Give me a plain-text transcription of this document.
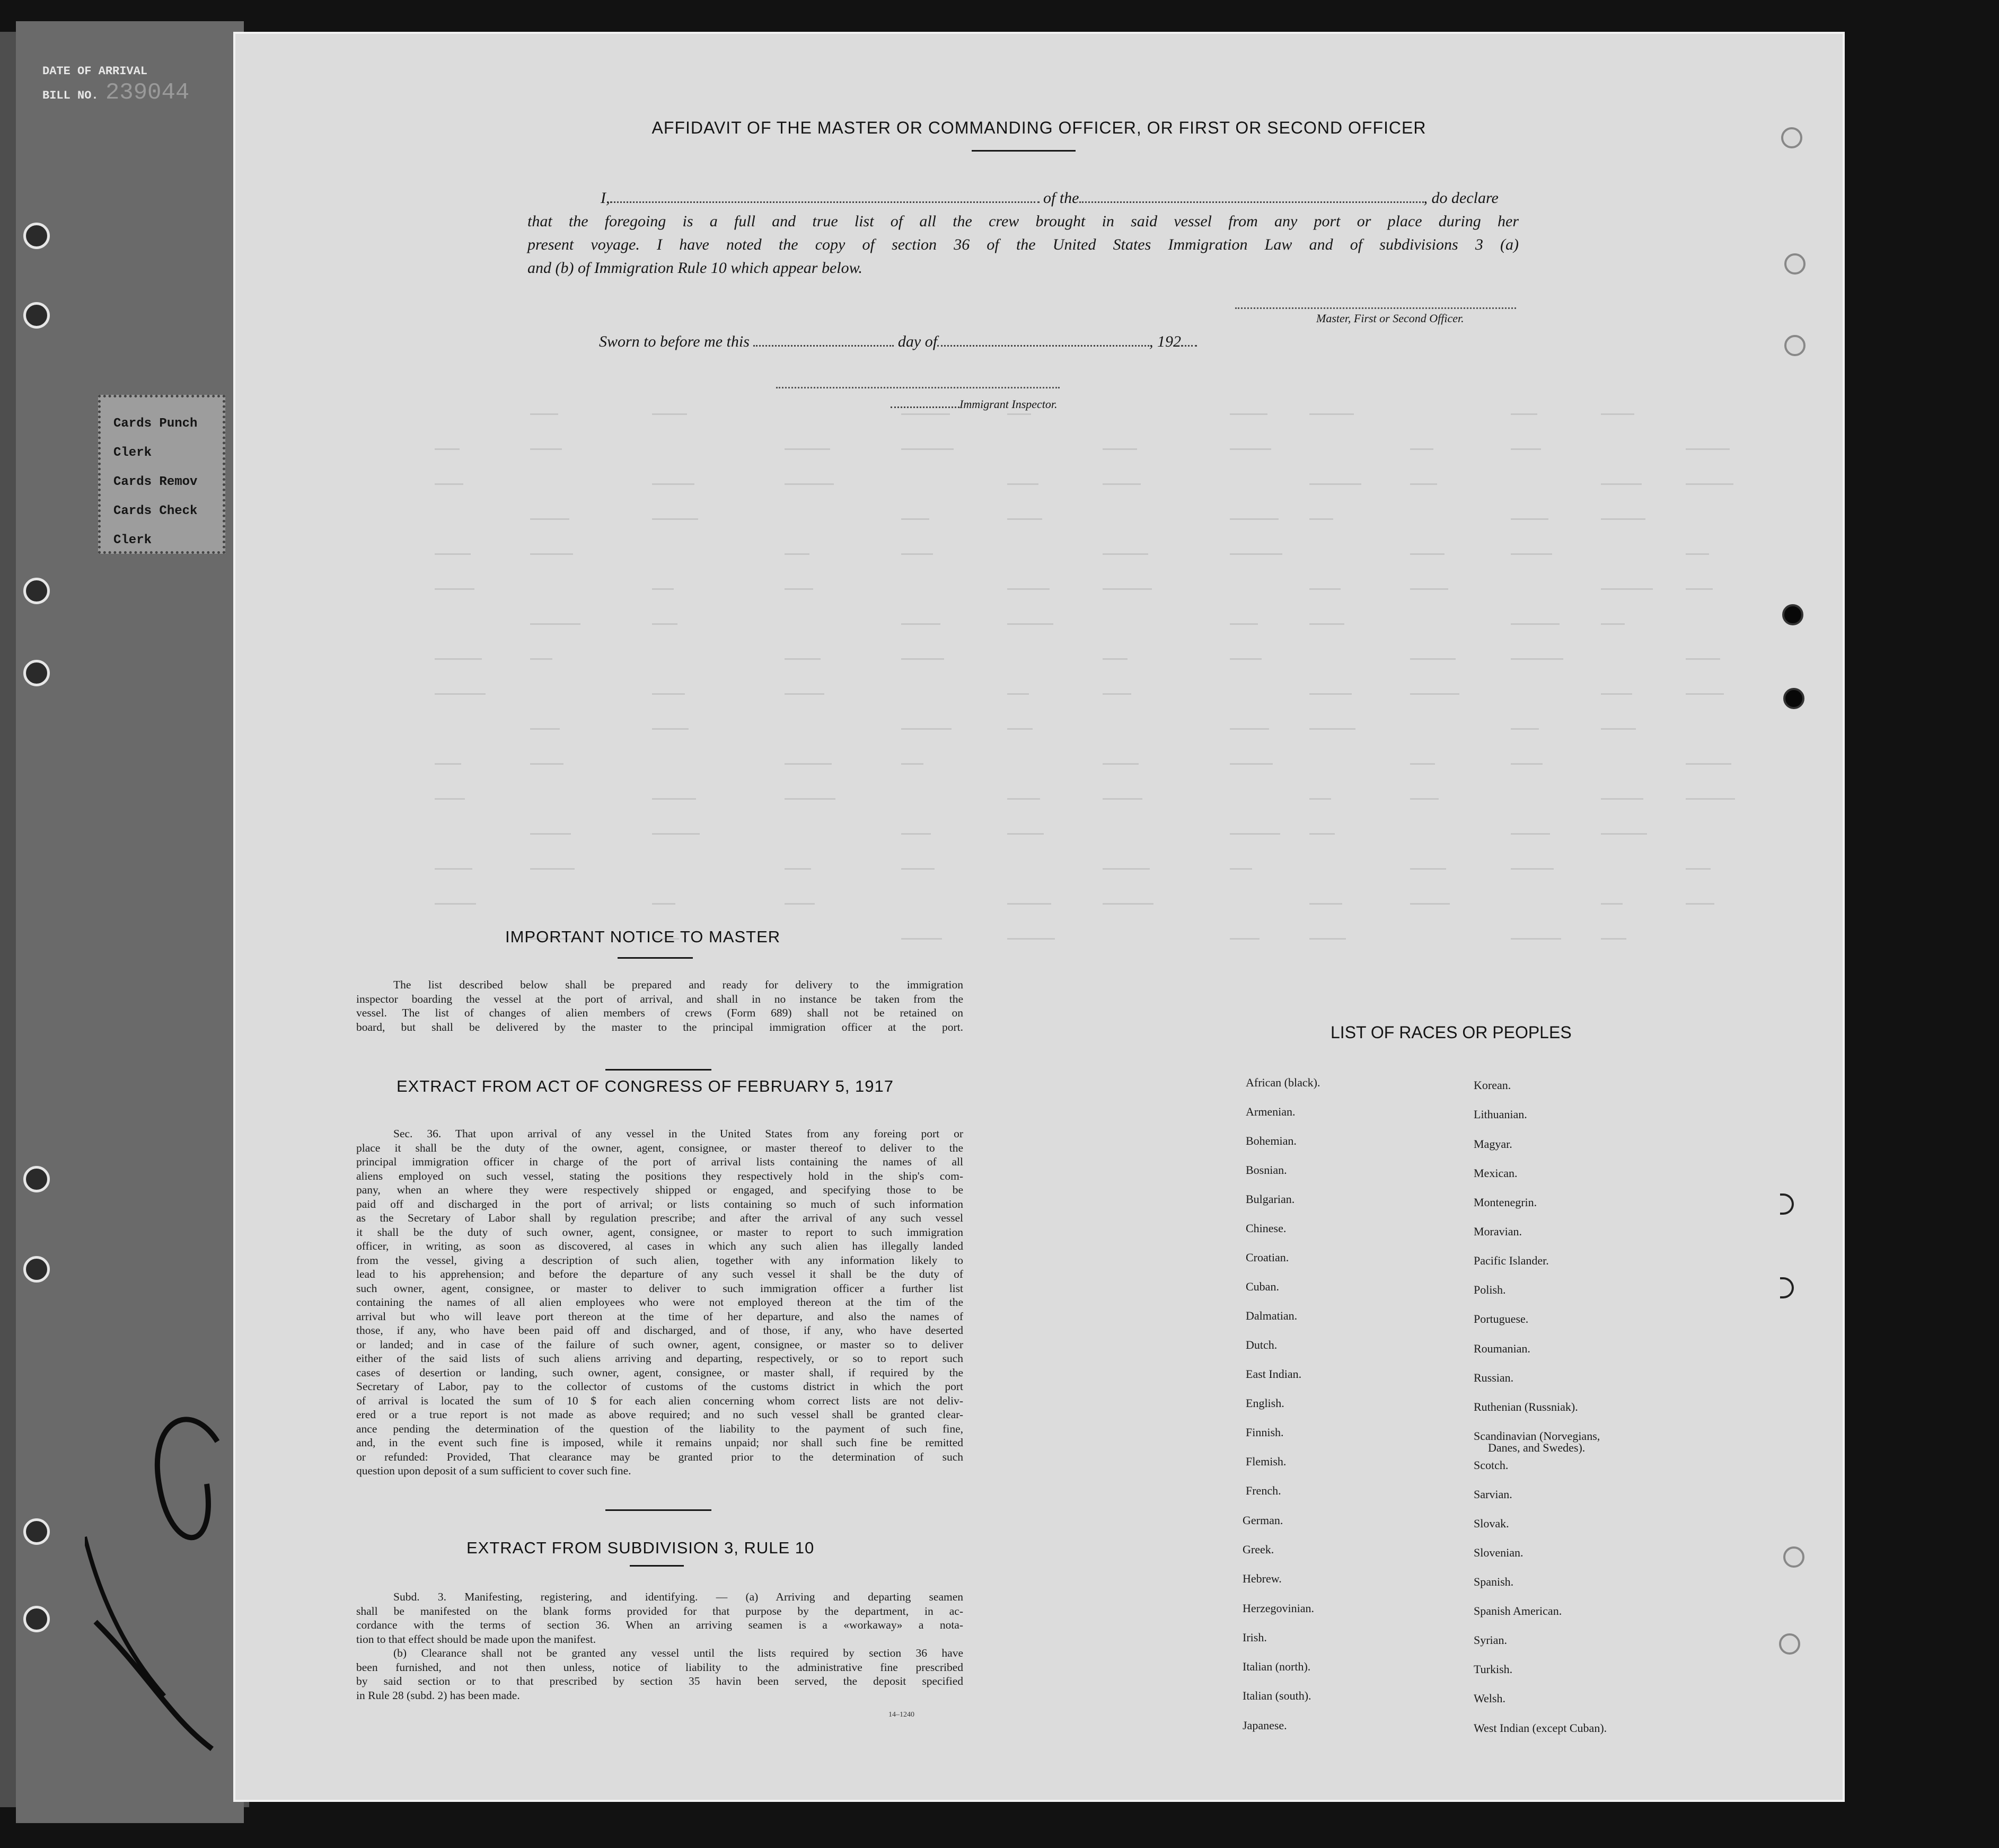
DATE OF ARRIVAL
BILL NO. 239044
Cards Punch
Clerk
Cards Remov
Cards Check
Clerk
AFFIDAVIT OF THE MASTER OR COMMANDING OFFICER, OR FIRST OR SECOND OFFICER
I,	of the	, do declare
that the foregoing is a full and true list of all the crew brought in said vessel from any port or place during her
present voyage. I have noted the copy of section 36 of the United States Immigration Law and of subdivisions 3 (a)
and (b) of Immigration Rule 10 which appear below.
Master, First or Second Officer.
Sworn to before me this	day of	, 192
Immigrant Inspector.
IMPORTANT NOTICE TO MASTER
The list described below shall be prepared and ready for delivery to the immigration
inspector boarding the vessel at the port of arrival, and shall in no instance be taken from the
vessel. The list of changes of alien members of crews (Form 689) shall not be retained on
board, but shall be delivered by the master to the principal immigration officer at the port.
EXTRACT FROM ACT OF CONGRESS OF FEBRUARY 5, 1917
Sec. 36. That upon arrival of any vessel in the United States from any foreing port or
place it shall be the duty of the owner, agent, consignee, or master thereof to deliver to the
principal immigration officer in charge of the port of arrival lists containing the names of all
aliens employed on such vessel, stating the positions they respectively hold in the ship's com-
pany, when an where they were respectively shipped or engaged, and specifying those to be
paid off and discharged in the port of arrival; or lists containing so much of such information
as the Secretary of Labor shall by regulation prescribe; and after the arrival of any such vessel
it shall be the duty of such owner, agent, consignee, or master to report to such immigration
officer, in writing, as soon as discovered, al cases in which any such alien has illegally landed
from the vessel, giving a description of such alien, together with any information likely to
lead to his apprehension; and before the departure of any such vessel it shall be the duty of
such owner, agent, consignee, or master to deliver to such immigration officer a further list
containing the names of all alien employees who were not employed thereon at the tim of the
arrival but who will leave port thereon at the time of her departure, and also the names of
those, if any, who have been paid off and discharged, and of those, if any, who have deserted
or landed; and in case of the failure of such owner, agent, consignee, or master so to deliver
either of the said lists of such aliens arriving and departing, respectively, or so to report such
cases of desertion or landing, such owner, agent, consignee, or master shall, if required by the
Secretary of Labor, pay to the collector of customs of the customs district in which the port
of arrival is located the sum of 10 $ for each alien concerning whom correct lists are not deliv-
ered or a true report is not made as above required; and no such vessel shall be granted clear-
ance pending the determination of the question of the liability to the payment of such fine,
and, in the event such fine is imposed, while it remains unpaid; nor shall such fine be remitted
or refunded: Provided, That clearance may be granted prior to the determination of such
question upon deposit of a sum sufficient to cover such fine.
EXTRACT FROM SUBDIVISION 3, RULE 10
Subd. 3. Manifesting, registering, and identifying. — (a) Arriving and departing seamen
shall be manifested on the blank forms provided for that purpose by the department, in ac-
cordance with the terms of section 36. When an arriving seamen is a «workaway» a nota-
tion to that effect should be made upon the manifest.
(b) Clearance shall not be granted any vessel until the lists required by section 36 have
been furnished, and not then unless, notice of liability to the administrative fine prescribed
by said section or to that prescribed by section 35 havin been served, the deposit specified
in Rule 28 (subd. 2) has been made.
14–1240
LIST OF RACES OR PEOPLES
African (black).
Armenian.
Bohemian.
Bosnian.
Bulgarian.
Chinese.
Croatian.
Cuban.
Dalmatian.
Dutch.
East Indian.
English.
Finnish.
Flemish.
French.
German.
Greek.
Hebrew.
Herzegovinian.
Irish.
Italian (north).
Italian (south).
Japanese.
Korean.
Lithuanian.
Magyar.
Mexican.
Montenegrin.
Moravian.
Pacific Islander.
Polish.
Portuguese.
Roumanian.
Russian.
Ruthenian (Russniak).
Scandinavian (Norvegians,
Danes, and Swedes).
Scotch.
Sarvian.
Slovak.
Slovenian.
Spanish.
Spanish American.
Syrian.
Turkish.
Welsh.
West Indian (except Cuban).
